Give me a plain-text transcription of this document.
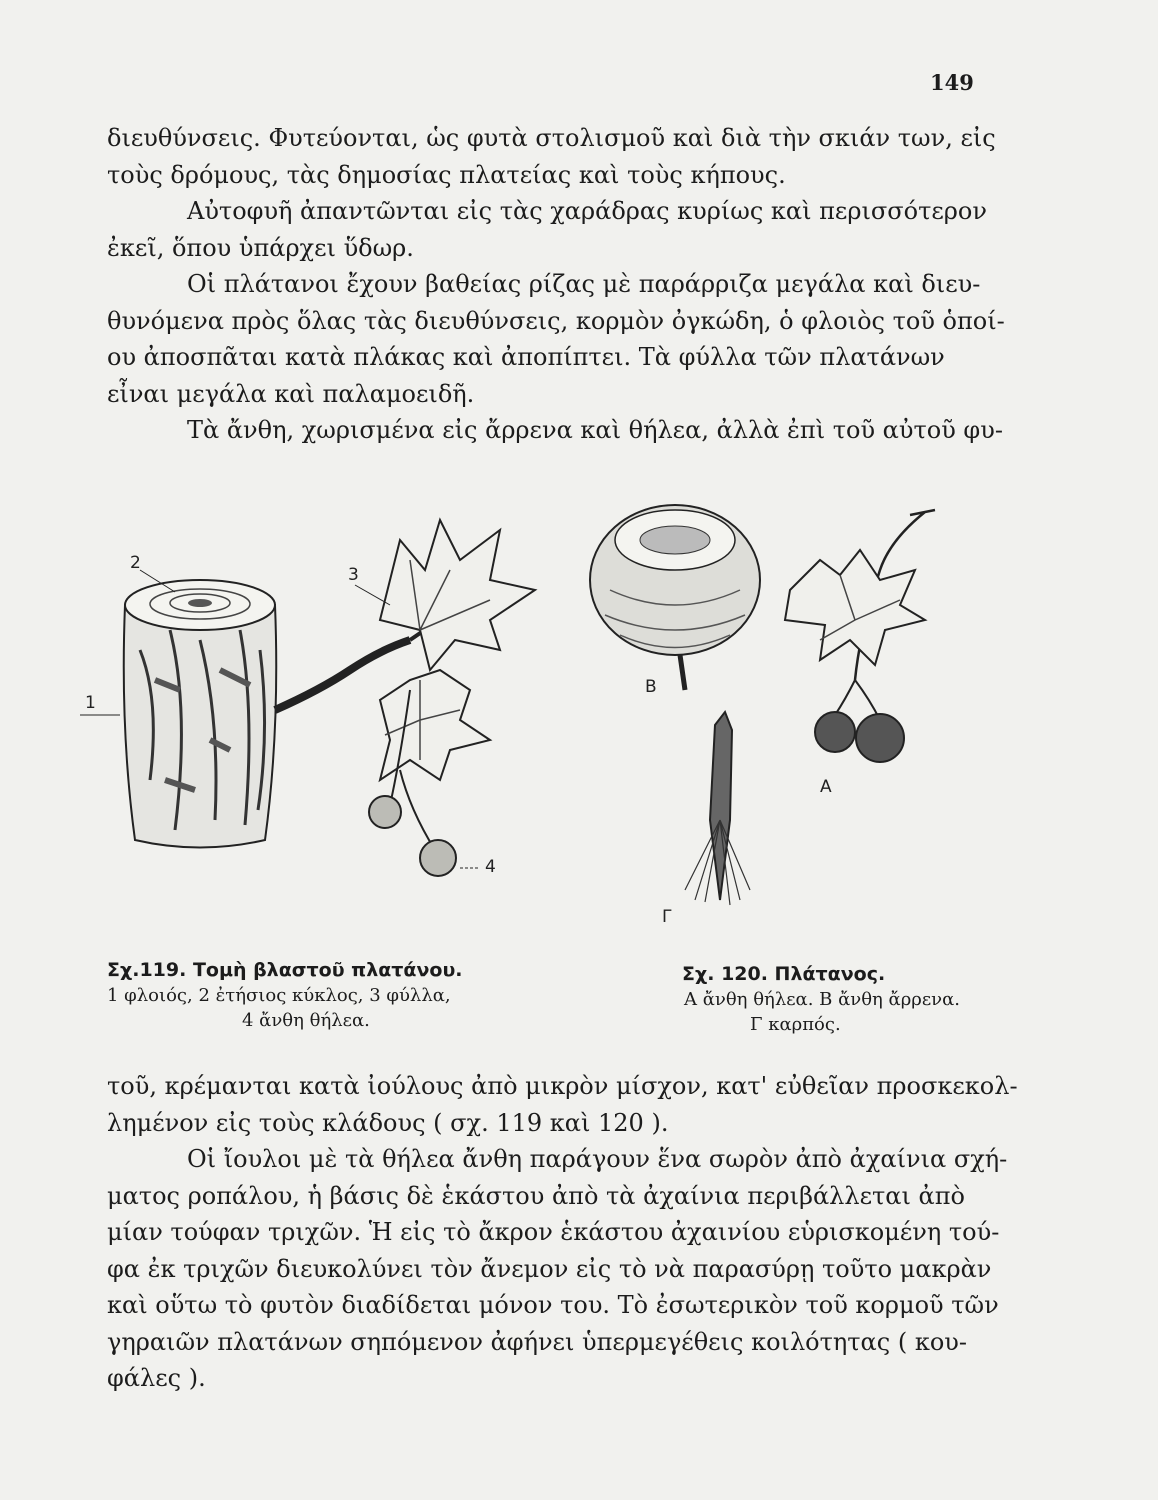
149

διευθύνσεις. Φυτεύονται, ὡς φυτὰ στολισμοῦ καὶ διὰ τὴν σκιάν των, εἰς
τοὺς δρόμους, τὰς δημοσίας πλατείας καὶ τοὺς κήπους.
Αὐτοφυῆ ἀπαντῶνται εἰς τὰς χαράδρας κυρίως καὶ περισσότερον
ἐκεῖ, ὅπου ὑπάρχει ὕδωρ.
Οἱ πλάτανοι ἔχουν βαθείας ρίζας μὲ παράρριζα μεγάλα καὶ διευ-
θυνόμενα πρὸς ὅλας τὰς διευθύνσεις, κορμὸν ὀγκώδη, ὁ φλοιὸς τοῦ ὁποί-
ου ἀποσπᾶται κατὰ πλάκας καὶ ἀποπίπτει. Τὰ φύλλα τῶν πλατάνων
εἶναι μεγάλα καὶ παλαμοειδῆ.
Τὰ ἄνθη, χωρισμένα εἰς ἄρρενα καὶ θήλεα, ἀλλὰ ἐπὶ τοῦ αὐτοῦ φυ-

1
2
3
4
Β
Α
Γ
Σχ.119. Τομὴ βλαστοῦ πλατάνου.
1 φλοιός, 2 ἐτήσιος κύκλος, 3 φύλλα,
4 ἄνθη θήλεα.
Σχ. 120. Πλάτανος.
Α ἄνθη θήλεα. Β ἄνθη ἄρρενα.
Γ καρπός.

τοῦ, κρέμανται κατὰ ἰούλους ἀπὸ μικρὸν μίσχον, κατ' εὐθεῖαν προσκεκολ-
λημένον εἰς τοὺς κλάδους ( σχ. 119 καὶ 120 ).
Οἱ ἴουλοι μὲ τὰ θήλεα ἄνθη παράγουν ἕνα σωρὸν ἀπὸ ἀχαίνια σχή-
ματος ροπάλου, ἡ βάσις δὲ ἑκάστου ἀπὸ τὰ ἀχαίνια περιβάλλεται ἀπὸ
μίαν τούφαν τριχῶν. Ἡ εἰς τὸ ἄκρον ἑκάστου ἀχαινίου εὑρισκομένη τού-
φα ἐκ τριχῶν διευκολύνει τὸν ἄνεμον εἰς τὸ νὰ παρασύρῃ τοῦτο μακρὰν
καὶ οὕτω τὸ φυτὸν διαδίδεται μόνον του. Τὸ ἐσωτερικὸν τοῦ κορμοῦ τῶν
γηραιῶν πλατάνων σηπόμενον ἀφήνει ὑπερμεγέθεις κοιλότητας ( κου-
φάλες ).
